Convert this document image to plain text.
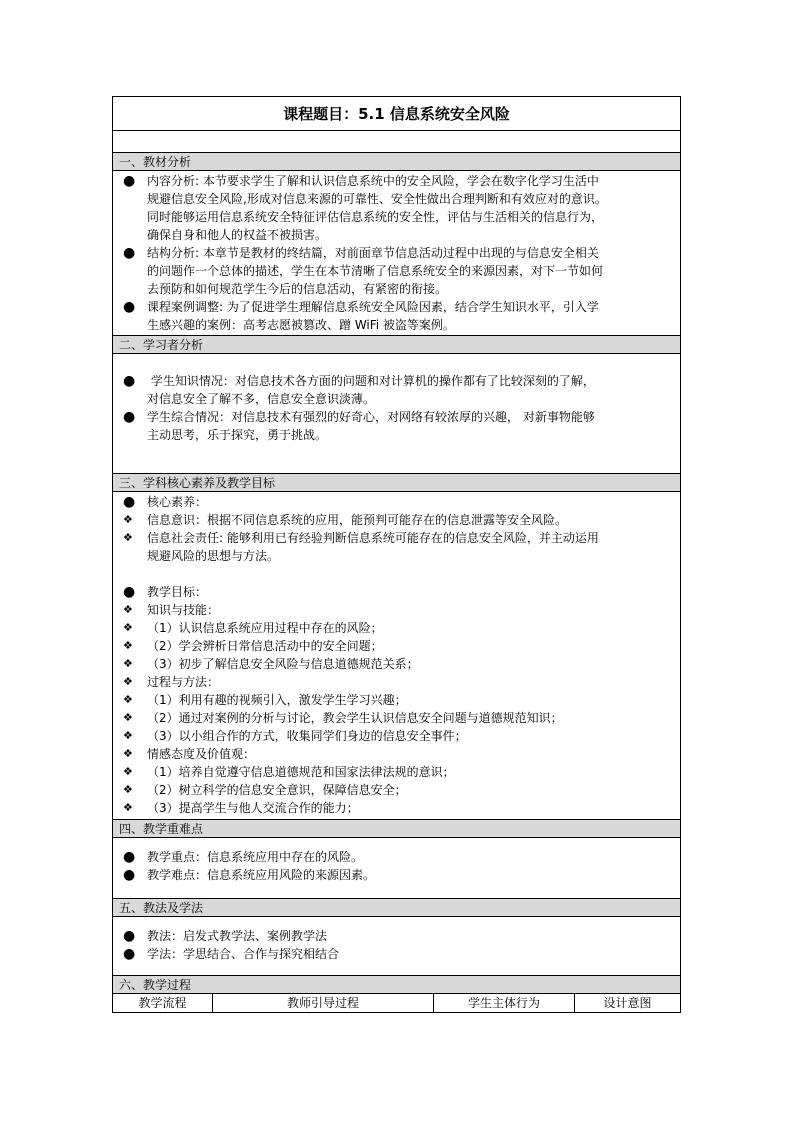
课程题目：5.1 信息系统安全风险
一、教材分析
● 内容分析: 本节要求学生了解和认识信息系统中的安全风险，学会在数字化学习生活中
规避信息安全风险,形成对信息来源的可靠性、安全性做出合理判断和有效应对的意识。
同时能够运用信息系统安全特征评估信息系统的安全性，评估与生活相关的信息行为，
确保自身和他人的权益不被损害。
● 结构分析: 本章节是教材的终结篇，对前面章节信息活动过程中出现的与信息安全相关
的问题作一个总体的描述，学生在本节清晰了信息系统安全的来源因素，对下一节如何
去预防和如何规范学生今后的信息活动，有紧密的衔接。
● 课程案例调整: 为了促进学生理解信息系统安全风险因素，结合学生知识水平，引入学
生感兴趣的案例：高考志愿被篡改、蹭 WiFi 被盗等案例。
二、学习者分析
● 学生知识情况：对信息技术各方面的问题和对计算机的操作都有了比较深刻的了解，
对信息安全了解不多，信息安全意识淡薄。
● 学生综合情况：对信息技术有强烈的好奇心，对网络有较浓厚的兴趣， 对新事物能够
主动思考，乐于探究，勇于挑战。
三、学科核心素养及教学目标
● 核心素养：
❖	信息意识：根据不同信息系统的应用，能预判可能存在的信息泄露等安全风险。
❖	信息社会责任: 能够利用已有经验判断信息系统可能存在的信息安全风险，并主动运用
规避风险的思想与方法。
● 教学目标：
❖	知识与技能：
❖	（1）认识信息系统应用过程中存在的风险；
❖	（2）学会辨析日常信息活动中的安全问题；
❖	（3）初步了解信息安全风险与信息道德规范关系；
❖	过程与方法：
❖	（1）利用有趣的视频引入，激发学生学习兴趣；
❖	（2）通过对案例的分析与讨论，教会学生认识信息安全问题与道德规范知识；
❖	（3）以小组合作的方式，收集同学们身边的信息安全事件；
❖	情感态度及价值观：
❖	（1）培养自觉遵守信息道德规范和国家法律法规的意识；
❖	（2）树立科学的信息安全意识，保障信息安全；
❖	（3）提高学生与他人交流合作的能力；
四、教学重难点
● 教学重点：信息系统应用中存在的风险。
● 教学难点：信息系统应用风险的来源因素。
五、教法及学法
● 教法：启发式教学法、案例教学法
● 学法：学思结合、合作与探究相结合
六、教学过程
教学流程	教师引导过程	学生主体行为	设计意图
